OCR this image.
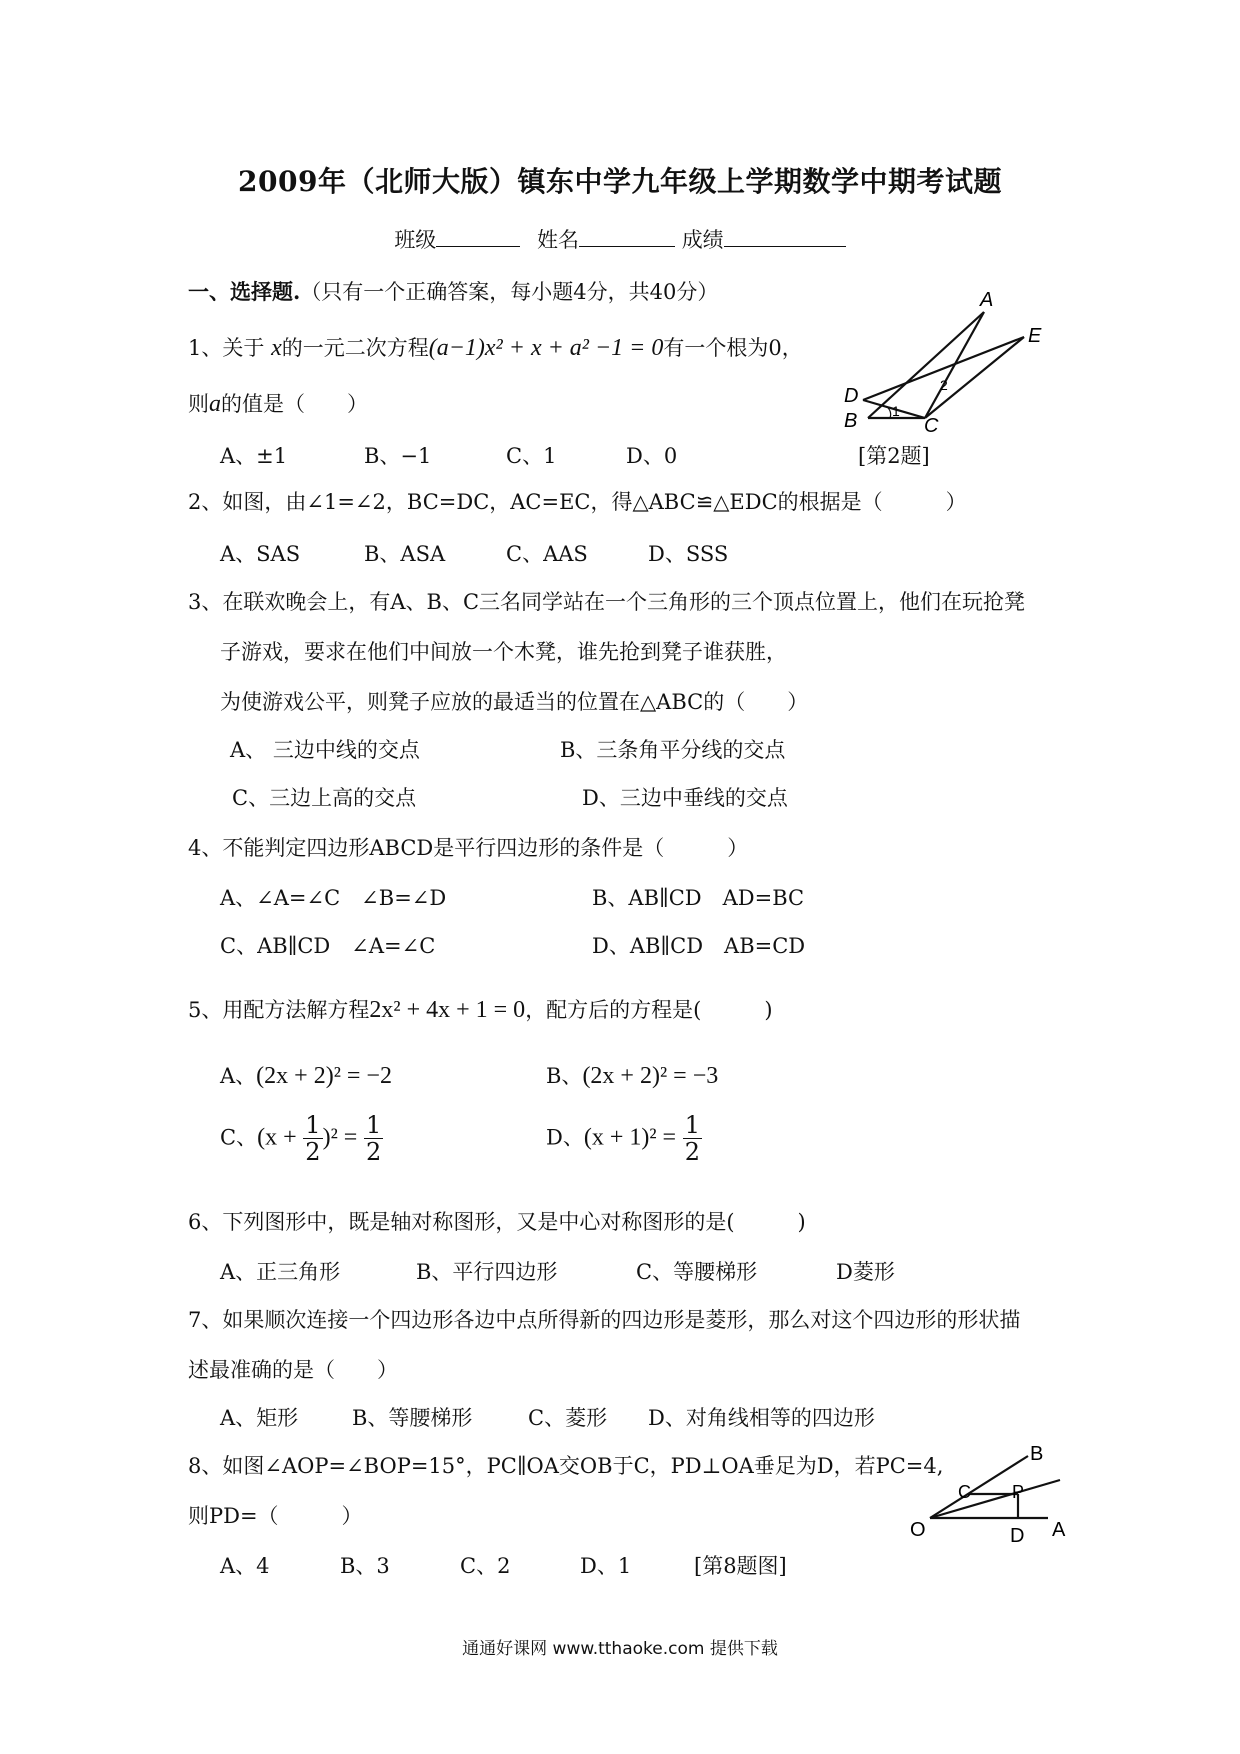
2009年（北师大版）镇东中学九年级上学期数学中期考试题
班级	姓名	成绩
一、选择题.（只有一个正确答案，每小题4分，共40分）
1、关于 x的一元二次方程(a−1)x² + x + a² −1 = 0有一个根为0，
则a的值是（　　）
A、±1	B、−1	C、1	D、0
A
E
D
B	C
1
2
[第2题]
2、如图，由∠1=∠2，BC=DC，AC=EC，得△ABC≌△EDC的根据是（　　　）
A、SAS	B、ASA	C、AAS	D、SSS
3、在联欢晚会上，有A、B、C三名同学站在一个三角形的三个顶点位置上，他们在玩抢凳
子游戏，要求在他们中间放一个木凳，谁先抢到凳子谁获胜，
为使游戏公平，则凳子应放的最适当的位置在△ABC的（　　）
A、 三边中线的交点	B、三条角平分线的交点
C、三边上高的交点	D、三边中垂线的交点
4、不能判定四边形ABCD是平行四边形的条件是（　　　）
A、∠A=∠C　∠B=∠D	B、AB∥CD　AD=BC
C、AB∥CD　∠A=∠C	D、AB∥CD　AB=CD
5、用配方法解方程2x² + 4x + 1 = 0，配方后的方程是(　　　)
A、(2x + 2)² = −2	B、(2x + 2)² = −3
C、$(x + \frac{1}{2} )^2 = \frac{1}{2}$	D、$(x + 1)^2 = \frac{1}{2}$
6、下列图形中，既是轴对称图形，又是中心对称图形的是(　　　)
A、正三角形	B、平行四边形	C、等腰梯形	D菱形
7、如果顺次连接一个四边形各边中点所得新的四边形是菱形，那么对这个四边形的形状描
述最准确的是（　　）
A、矩形	B、等腰梯形	C、菱形 D、对角线相等的四边形
8、如图∠AOP=∠BOP=15°，PC∥OA交OB于C，PD⊥OA垂足为D，若PC=4,
则PD=（　　　）
A、4	B、3	C、2	D、1	[第8题图]
O	A
B
C P
D
通通好课网 www.tthaoke.com 提供下载
